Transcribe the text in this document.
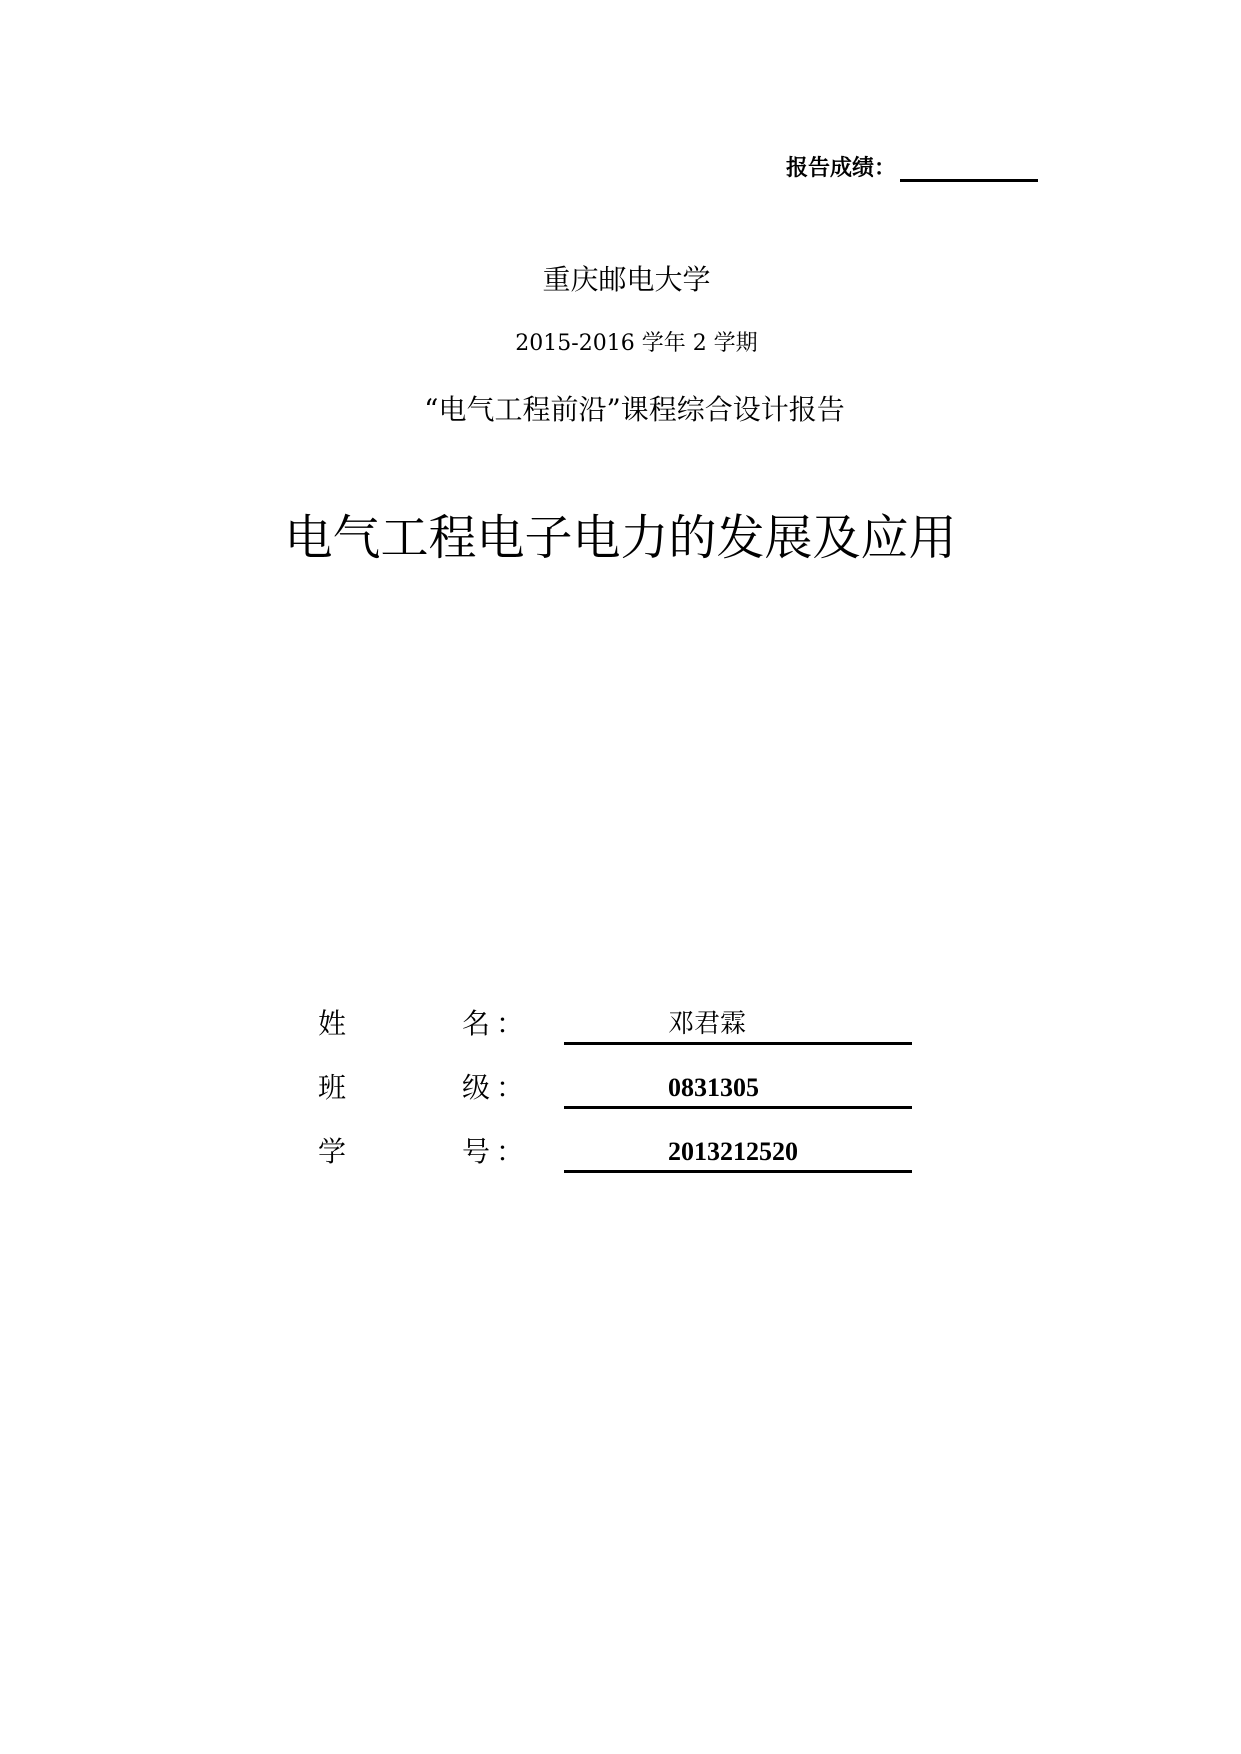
报告成绩：
重庆邮电大学
2015-2016 学年 2 学期
“电气工程前沿”课程综合设计报告
电气工程电子电力的发展及应用
姓	名 ：	邓君霖
班	级 ：	0831305
学	号 ：	2013212520
